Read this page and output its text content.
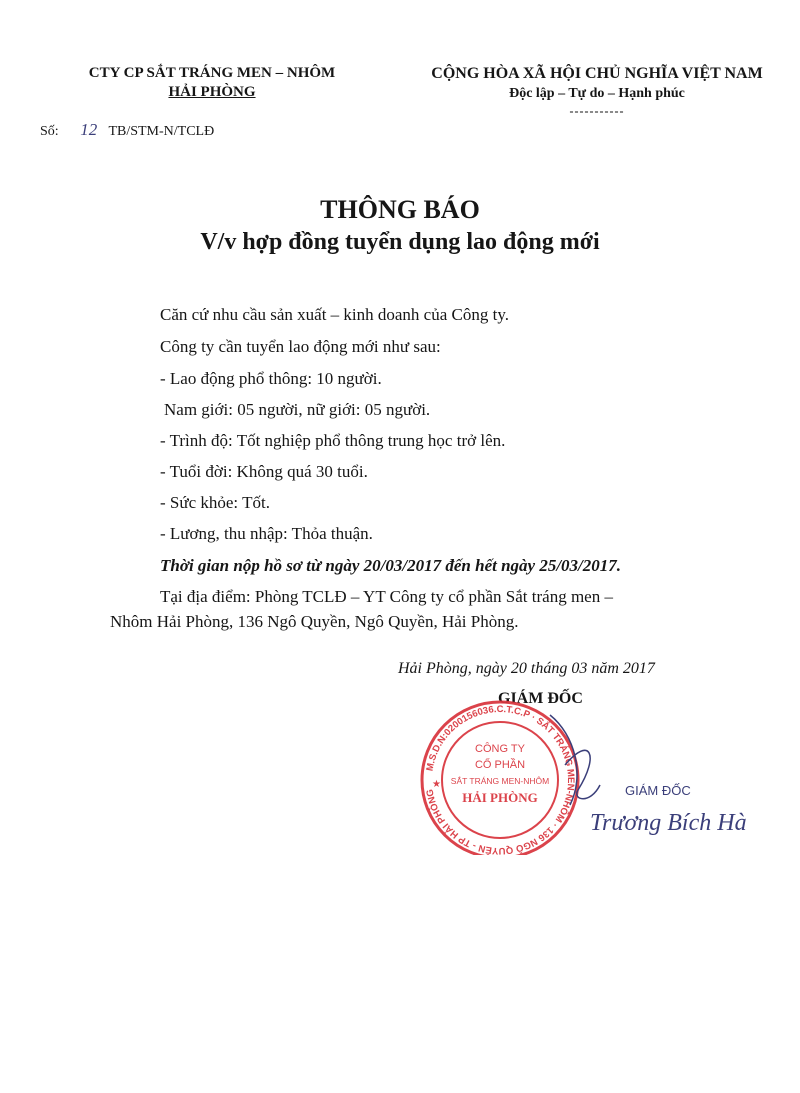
CTY CP SẮT TRÁNG MEN – NHÔM
HẢI PHÒNG
CỘNG HÒA XÃ HỘI CHỦ NGHĨA VIỆT NAM
Độc lập – Tự do – Hạnh phúc
-----------
Số: 12 TB/STM-N/TCLĐ
THÔNG BÁO
V/v hợp đồng tuyển dụng lao động mới
Căn cứ nhu cầu sản xuất – kinh doanh của Công ty.
Công ty cần tuyển lao động mới như sau:
- Lao động phổ thông: 10 người.
Nam giới: 05 người, nữ giới: 05 người.
- Trình độ: Tốt nghiệp phổ thông trung học trở lên.
- Tuổi đời: Không quá 30 tuổi.
- Sức khỏe: Tốt.
- Lương, thu nhập: Thỏa thuận.
Thời gian nộp hồ sơ từ ngày 20/03/2017 đến hết ngày 25/03/2017.
Tại địa điểm: Phòng TCLĐ – YT Công ty cổ phần Sắt tráng men –
Nhôm Hải Phòng, 136 Ngô Quyền, Ngô Quyền, Hải Phòng.
Hải Phòng, ngày 20 tháng 03 năm 2017
GIÁM ĐỐC
M.S.D.N:0200156036.C.T.C.P · SẮT TRÁNG MEN-NHÔM · 136 NGÔ QUYỀN - TP HẢI PHÒNG
CÔNG TY
CỔ PHẦN
SẮT TRÁNG MEN-NHÔM
HẢI PHÒNG
★	GIÁM ĐỐC
Trương Bích Hà
